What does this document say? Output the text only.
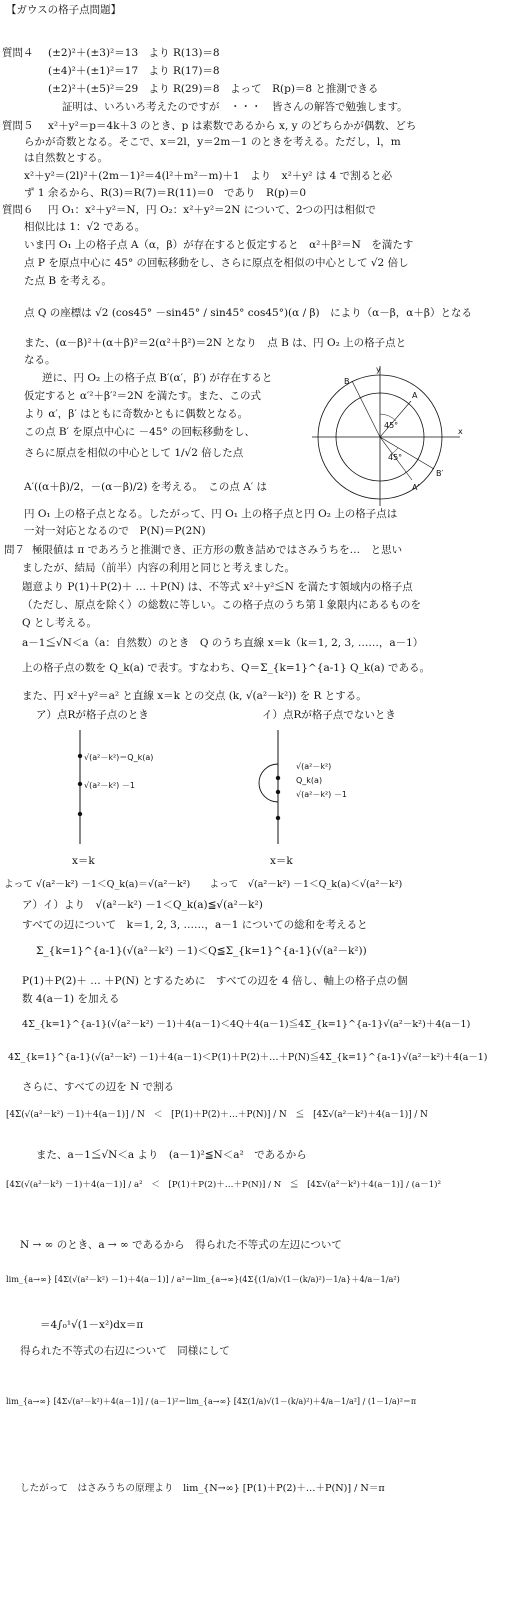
【ガウスの格子点問題】
質問４ (±2)²＋(±3)²＝13　より R(13)＝8
(±4)²＋(±1)²＝17　より R(17)＝8
(±2)²＋(±5)²＝29　より R(29)＝8　よって　R(p)＝8 と推測できる
証明は、いろいろ考えたのですが　・・・　皆さんの解答で勉強します。
質問５ x²＋y²＝p＝4k＋3 のとき、p は素数であるから x, y のどちらかが偶数、どち
らかが奇数となる。そこで、x＝2l，y＝2m－1 のときを考える。ただし，l，m
は自然数とする。
x²＋y²＝(2l)²＋(2m－1)²＝4(l²＋m²－m)＋1　より　x²＋y² は 4 で割ると必
ず 1 余るから、R(3)＝R(7)＝R(11)＝0　であり　R(p)＝0
質問６ 円 O₁：x²＋y²＝N，円 O₂：x²＋y²＝2N について、2つの円は相似で
相似比は 1：√2 である。
いま円 O₁ 上の格子点 A（α，β）が存在すると仮定すると　α²＋β²＝N　を満たす
点 P を原点中心に 45° の回転移動をし、さらに原点を相似の中心として √2 倍し
た点 B を考える。
点 Q の座標は √2 (cos45° －sin45° / sin45° cos45°)(α / β)　により（α－β，α＋β）となる
また、(α－β)²＋(α＋β)²＝2(α²＋β²)＝2N となり　点 B は、円 O₂ 上の格子点と
なる。
逆に、円 O₂ 上の格子点 B′(α′，β′) が存在すると
仮定すると α′²＋β′²＝2N を満たす。また、この式
より α′，β′ はともに奇数かともに偶数となる。
この点 B′ を原点中心に －45° の回転移動をし、
さらに原点を相似の中心として 1/√2 倍した点
A′((α＋β)/2，－(α－β)/2) を考える。　この点 A′ は
円 O₁ 上の格子点となる。したがって、円 O₁ 上の格子点と円 O₂ 上の格子点は
一対一対応となるので　P(N)＝P(2N)
y
x
B
A
B′
A′
45°
45°
問７ 極限値は π であろうと推測でき、正方形の敷き詰めではさみうちを…　と思い
ましたが、結局（前半）内容の利用と同じと考えました。
題意より P(1)＋P(2)＋ … ＋P(N) は、不等式 x²＋y²≦N を満たす領域内の格子点
（ただし、原点を除く）の総数に等しい。この格子点のうち第１象限内にあるものを
Q とし考える。
a－1≦√N＜a（a：自然数）のとき　Q のうち直線 x＝k（k＝1, 2, 3, ……，a－1）
上の格子点の数を Q_k(a) で表す。すなわち、Q＝Σ_{k=1}^{a-1} Q_k(a) である。
また、円 x²＋y²＝a² と直線 x＝k との交点 (k, √(a²－k²)) を R とする。
ア）点Rが格子点のとき	イ）点Rが格子点でないとき
√(a²－k²)＝Q_k(a)
√(a²－k²) －1
x＝k
√(a²－k²)
Q_k(a)
√(a²－k²) －1
x＝k
よって √(a²－k²) －1＜Q_k(a)＝√(a²－k²)　　よって　√(a²－k²) －1＜Q_k(a)＜√(a²－k²)
ア）イ）より　√(a²－k²) －1＜Q_k(a)≦√(a²－k²)
すべての辺について　k＝1, 2, 3, ……，a－1 についての総和を考えると
Σ_{k=1}^{a-1}(√(a²－k²) －1)＜Q≦Σ_{k=1}^{a-1}(√(a²－k²))
P(1)＋P(2)＋ … ＋P(N) とするために　すべての辺を 4 倍し、軸上の格子点の個
数 4(a－1) を加える
4Σ_{k=1}^{a-1}(√(a²－k²) －1)＋4(a－1)＜4Q＋4(a－1)≦4Σ_{k=1}^{a-1}√(a²－k²)＋4(a－1)
4Σ_{k=1}^{a-1}(√(a²－k²) －1)＋4(a－1)＜P(1)＋P(2)＋…＋P(N)≦4Σ_{k=1}^{a-1}√(a²－k²)＋4(a－1)
さらに、すべての辺を N で割る
[4Σ(√(a²－k²) －1)＋4(a－1)] / N　＜　[P(1)＋P(2)＋…＋P(N)] / N　≦　[4Σ√(a²－k²)＋4(a－1)] / N
また、a－1≦√N＜a より　(a－1)²≦N＜a²　であるから
[4Σ(√(a²－k²) －1)＋4(a－1)] / a²　＜　[P(1)＋P(2)＋…＋P(N)] / N　≦　[4Σ√(a²－k²)＋4(a－1)] / (a－1)²
N → ∞ のとき、a → ∞ であるから　得られた不等式の左辺について
lim_{a→∞} [4Σ(√(a²－k²) －1)＋4(a－1)] / a²＝lim_{a→∞}(4Σ{(1/a)√(1－(k/a)²)－1/a}＋4/a－1/a²)
＝4∫₀¹√(1－x²)dx＝π
得られた不等式の右辺について　同様にして
lim_{a→∞} [4Σ√(a²－k²)＋4(a－1)] / (a－1)²＝lim_{a→∞} [4Σ(1/a)√(1－(k/a)²)＋4/a－1/a²] / (1－1/a)²＝π
したがって　はさみうちの原理より　lim_{N→∞} [P(1)＋P(2)＋…＋P(N)] / N＝π
